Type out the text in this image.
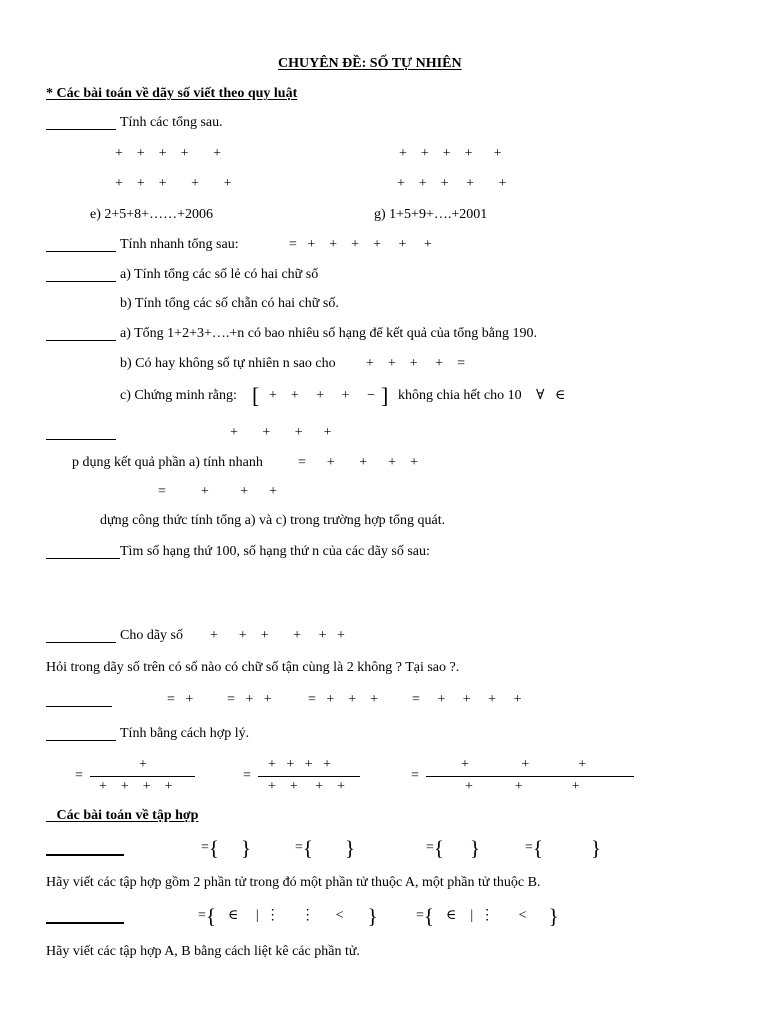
CHUYÊN ĐỀ: SỐ TỰ NHIÊN
* Các bài toán về dãy số viết theo quy luật
Tính các tổng sau.
+    +    +    +       +	+    +    +    +      +
+    +    +       +       +	+    +    +     +       +
e) 2+5+8+……+2006	g) 1+5+9+….+2001
Tính nhanh tổng sau:	=   +    +    +    +     +     +
a) Tính tổng các số lẻ có hai chữ số
b) Tính tổng các số chẵn có hai chữ số.
a) Tổng 1+2+3+….+n có bao nhiêu số hạng để kết quả của tổng bằng 190.
b) Có hay không số tự nhiên n sao cho +    +    +     +    =
c) Chứng minh rằng: [ +    +     +     +     − ] không chia hết cho 10 ∀   ∈
+       +       +      +
p dụng kết quả phần a) tính nhanh	=      +       +      +    +
=          +         +      +
dựng công thức tính tổng a) và c) trong trường hợp tổng quát.
Tìm số hạng thứ 100, số hạng thứ n của các dãy số sau:
Cho dãy số +      +    +       +     +   +
Hỏi trong dãy số trên có số nào có chữ số tận cùng là 2 không ? Tại sao ?.
=   + =   +   +	=   +    +    + =     +     +     +     +
Tính bằng cách hợp lý.
=
+
+    +    +    +
=
+   +   +   +
+    +     +    +
=
+               +              +
+            +              +
Các bài toán về tập hợp
= { }	= { }	= { }	= { }
Hãy viết các tập hợp gồm 2 phần tử trong đó một phần tử thuộc A, một phần tử thuộc B.
= { ∈     |  ⋮      ⋮      <	}	= { ∈    |  ⋮       <	}
Hãy viết các tập hợp A, B bằng cách liệt kê các phần tử.
